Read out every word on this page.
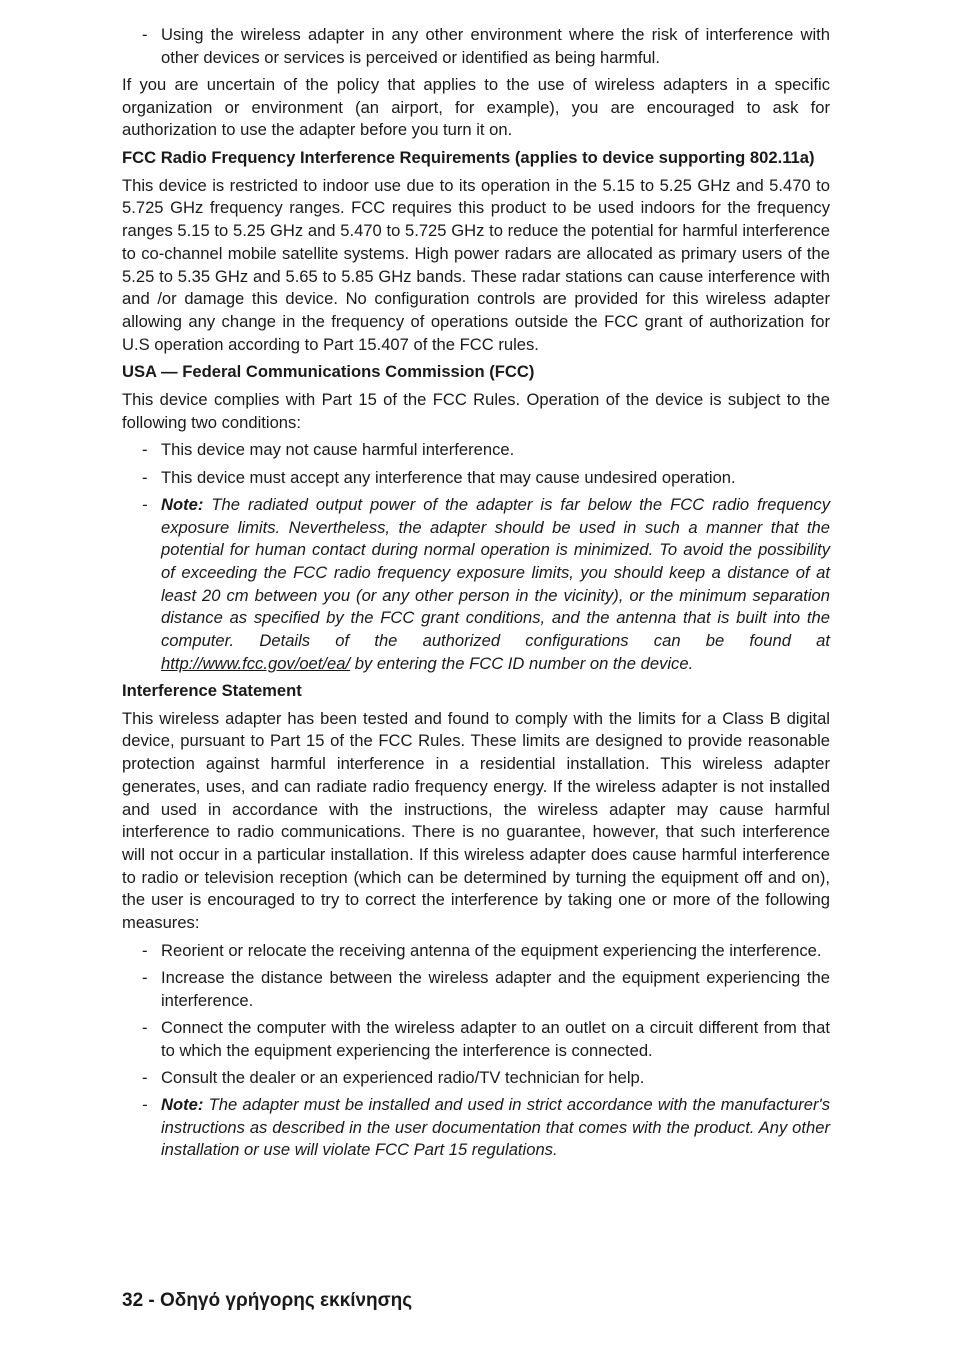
- Using the wireless adapter in any other environment where the risk of interference with other devices or services is perceived or identified as being harmful.

If you are uncertain of the policy that applies to the use of wireless adapters in a specific organization or environment (an airport, for example), you are encouraged to ask for authorization to use the adapter before you turn it on.

FCC Radio Frequency Interference Requirements (applies to device supporting 802.11a)

This device is restricted to indoor use due to its operation in the 5.15 to 5.25 GHz and 5.470 to 5.725 GHz frequency ranges. FCC requires this product to be used indoors for the frequency ranges 5.15 to 5.25 GHz and 5.470 to 5.725 GHz to reduce the potential for harmful interference to co-channel mobile satellite systems. High power radars are allocated as primary users of the 5.25 to 5.35 GHz and 5.65 to 5.85 GHz bands. These radar stations can cause interference with and /or damage this device. No configuration controls are provided for this wireless adapter allowing any change in the frequency of operations outside the FCC grant of authorization for U.S operation according to Part 15.407 of the FCC rules.

USA — Federal Communications Commission (FCC)

This device complies with Part 15 of the FCC Rules. Operation of the device is subject to the following two conditions:

- This device may not cause harmful interference.
- This device must accept any interference that may cause undesired operation.
- Note: The radiated output power of the adapter is far below the FCC radio frequency exposure limits. Nevertheless, the adapter should be used in such a manner that the potential for human contact during normal operation is minimized. To avoid the possibility of exceeding the FCC radio frequency exposure limits, you should keep a distance of at least 20 cm between you (or any other person in the vicinity), or the minimum separation distance as specified by the FCC grant conditions, and the antenna that is built into the computer. Details of the authorized configurations can be found at http://www.fcc.gov/oet/ea/ by entering the FCC ID number on the device.

Interference Statement

This wireless adapter has been tested and found to comply with the limits for a Class B digital device, pursuant to Part 15 of the FCC Rules. These limits are designed to provide reasonable protection against harmful interference in a residential installation. This wireless adapter generates, uses, and can radiate radio frequency energy. If the wireless adapter is not installed and used in accordance with the instructions, the wireless adapter may cause harmful interference to radio communications. There is no guarantee, however, that such interference will not occur in a particular installation. If this wireless adapter does cause harmful interference to radio or television reception (which can be determined by turning the equipment off and on), the user is encouraged to try to correct the interference by taking one or more of the following measures:

- Reorient or relocate the receiving antenna of the equipment experiencing the interference.
- Increase the distance between the wireless adapter and the equipment experiencing the interference.
- Connect the computer with the wireless adapter to an outlet on a circuit different from that to which the equipment experiencing the interference is connected.
- Consult the dealer or an experienced radio/TV technician for help.
- Note: The adapter must be installed and used in strict accordance with the manufacturer's instructions as described in the user documentation that comes with the product. Any other installation or use will violate FCC Part 15 regulations.
32 - Οδηγό γρήγορης εκκίνησης
